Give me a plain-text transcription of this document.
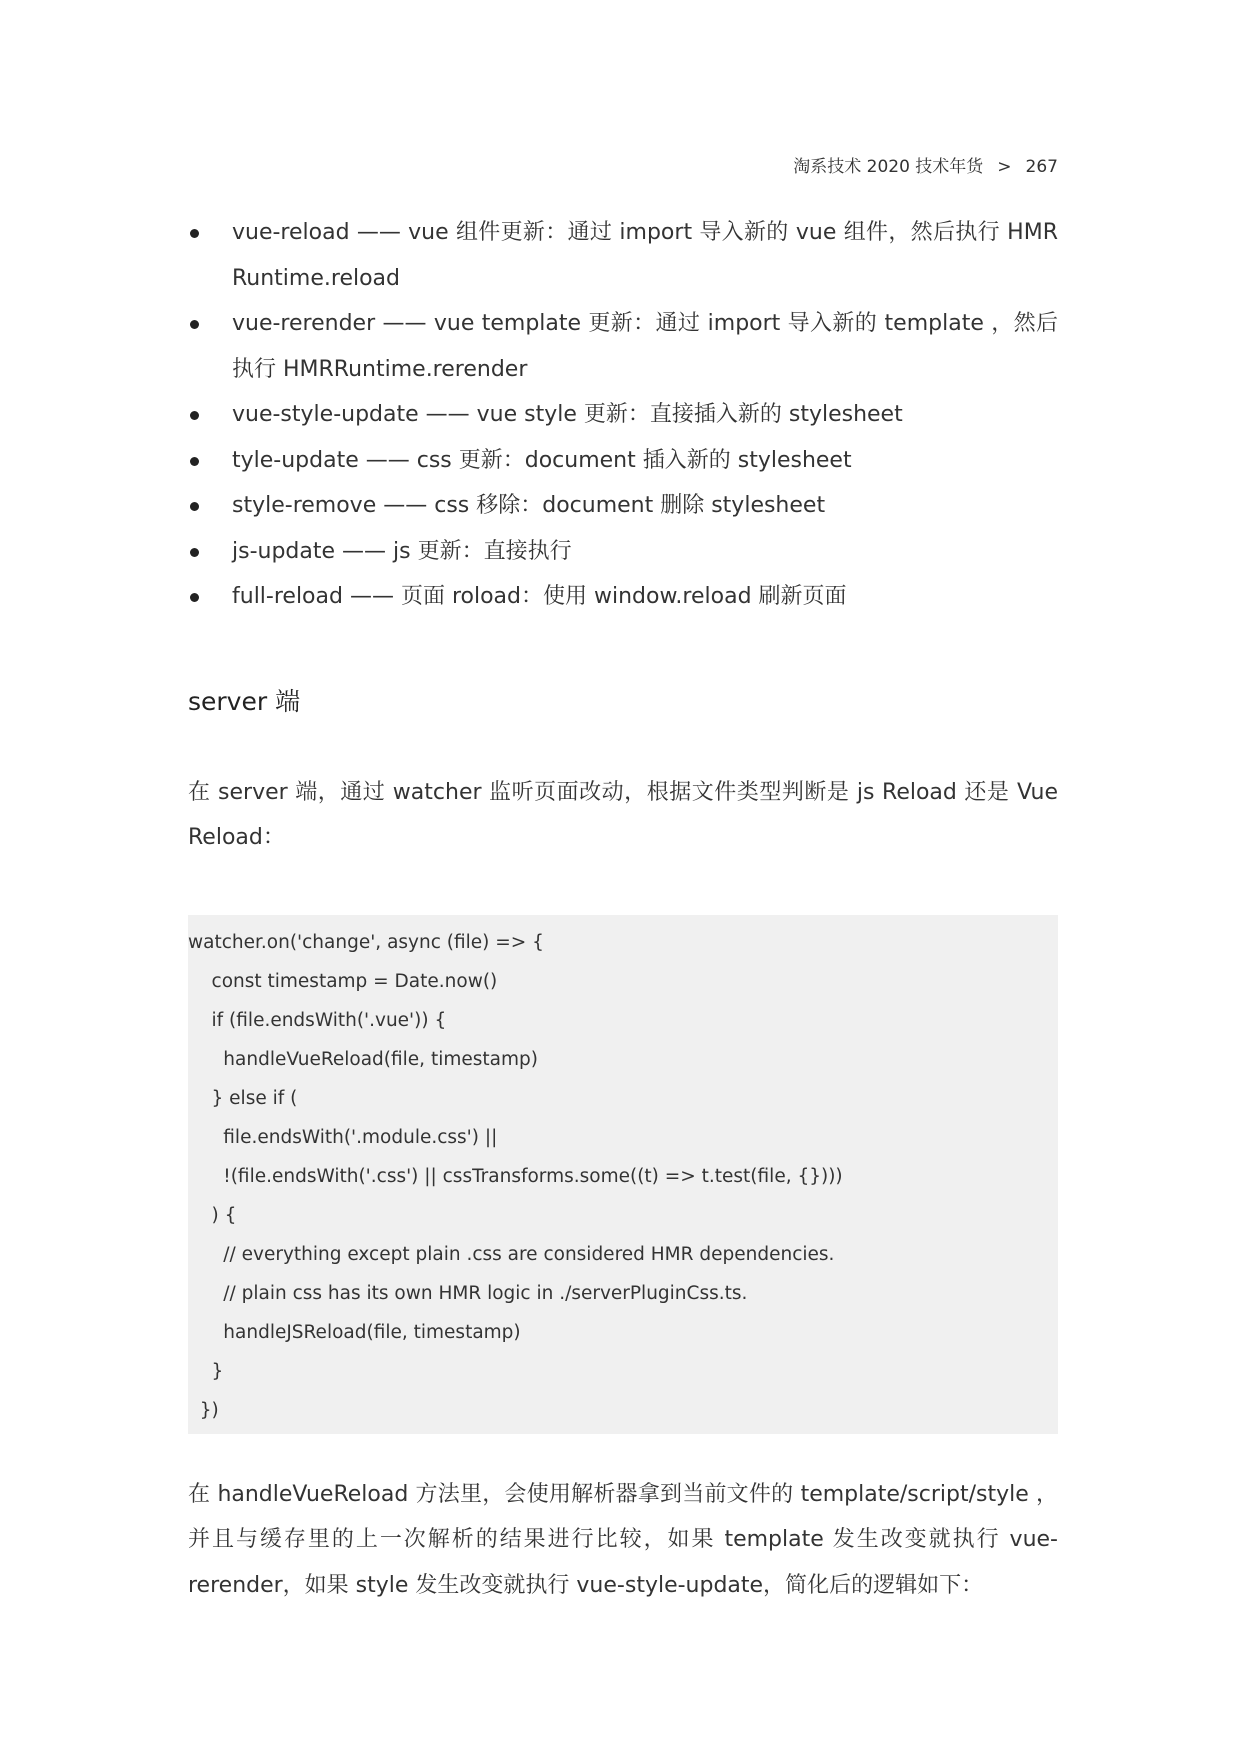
淘系技术 2020 技术年货 > 267
vue-reload —— vue 组件更新：通过 import 导入新的 vue 组件，然后执行 HMR Runtime.reload
vue-rerender —— vue template 更新：通过 import 导入新的 template ，然后执行 HMRRuntime.rerender
vue-style-update —— vue style 更新：直接插入新的 stylesheet
tyle-update —— css 更新：document 插入新的 stylesheet
style-remove —— css 移除：document 删除 stylesheet
js-update —— js 更新：直接执行
full-reload —— 页面 roload：使用 window.reload 刷新页面
server 端

在 server 端，通过 watcher 监听页面改动，根据文件类型判断是 js Reload 还是 Vue Reload：

watcher.on('change', async (file) => {
const timestamp = Date.now()
if (file.endsWith('.vue')) {
handleVueReload(file, timestamp)
} else if (
file.endsWith('.module.css') ||
!(file.endsWith('.css') || cssTransforms.some((t) => t.test(file, {})))
) {
// everything except plain .css are considered HMR dependencies.
// plain css has its own HMR logic in ./serverPluginCss.ts.
handleJSReload(file, timestamp)
}
})

在 handleVueReload 方法里，会使用解析器拿到当前文件的 template/script/style ，并且与缓存里的上一次解析的结果进行比较，如果 template 发生改变就执行 vue-rerender，如果 style 发生改变就执行 vue-style-update，简化后的逻辑如下：
